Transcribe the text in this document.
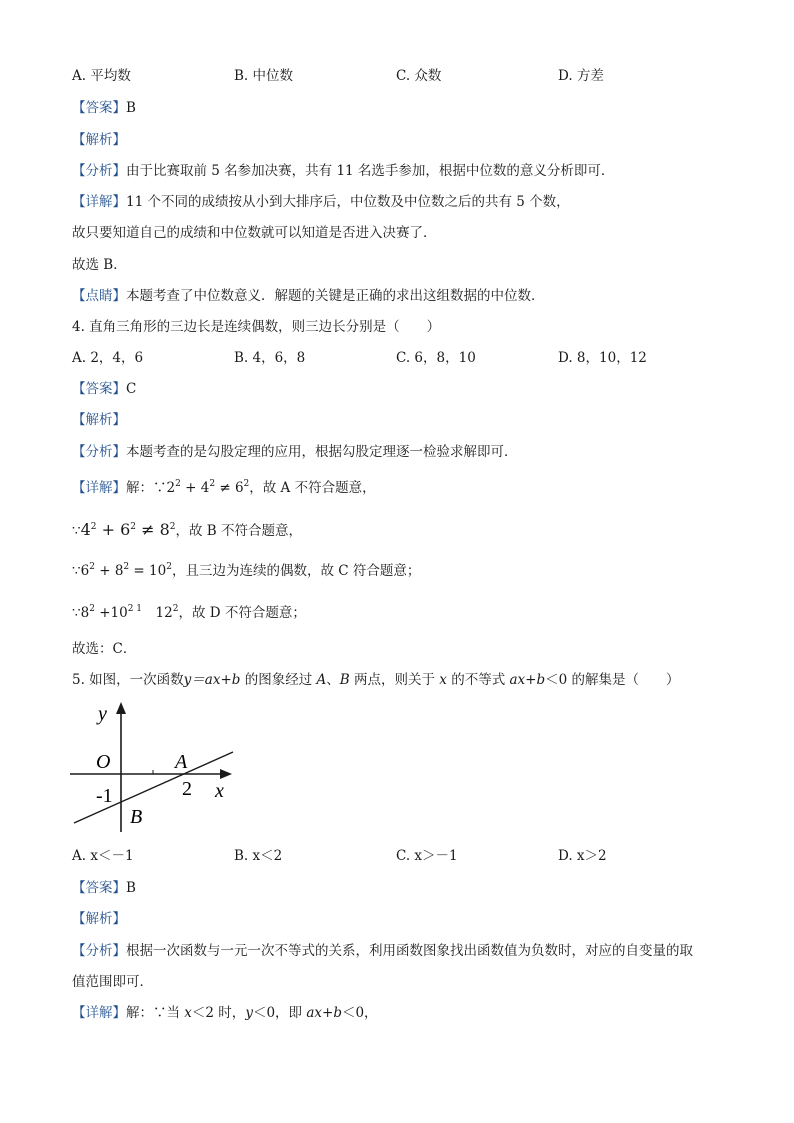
A. 平均数	B. 中位数	C. 众数	D. 方差
【答案】B
【解析】
【分析】由于比赛取前 5 名参加决赛，共有 11 名选手参加，根据中位数的意义分析即可．
【详解】11 个不同的成绩按从小到大排序后，中位数及中位数之后的共有 5 个数，
故只要知道自己的成绩和中位数就可以知道是否进入决赛了．
故选 B．
【点睛】本题考查了中位数意义．解题的关键是正确的求出这组数据的中位数．
4. 直角三角形的三边长是连续偶数，则三边长分别是（　　）
A. 2，4，6	B. 4，6，8	C. 6，8，10	D. 8，10，12
【答案】C
【解析】
【分析】本题考查的是勾股定理的应用，根据勾股定理逐一检验求解即可．
【详解】解：$\because 2^2 + 4^2 \ne 6^2$，故 A 不符合题意，
$\because 4^2 + 6^2 \ne 8^2$，故 B 不符合题意，
$\because 6^2 + 8^2 = 10^2$，且三边为连续的偶数，故 C 符合题意；
$\because 8^2 +10^{2 1}$　$12^2$，故 D 不符合题意；
故选：C．
5. 如图，一次函数y＝ax+b 的图象经过 A、B 两点，则关于 x 的不等式 ax+b＜0 的解集是（　　）
y
O	A
-1	2 x
B
A. x＜－1	B. x＜2	C. x＞－1	D. x＞2
【答案】B
【解析】
【分析】根据一次函数与一元一次不等式的关系，利用函数图象找出函数值为负数时，对应的自变量的取
值范围即可．
【详解】解：∵当 x＜2 时，y＜0，即 ax+b＜0，
